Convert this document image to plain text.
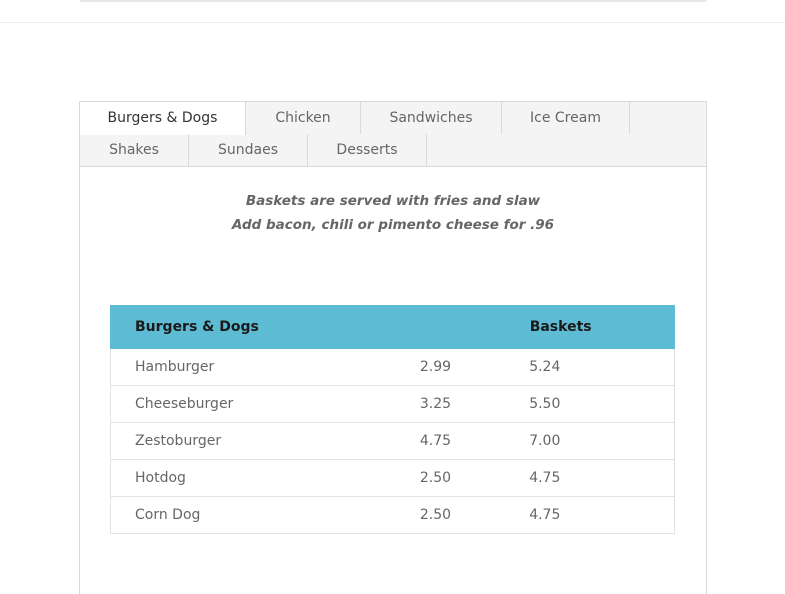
Burgers & Dogs	Chicken	Sandwiches	Ice Cream
Shakes	Sundaes	Desserts
Baskets are served with fries and slaw
Add bacon, chili or pimento cheese for .96
Burgers & Dogs		Baskets
Hamburger	2.99	5.24
Cheeseburger	3.25	5.50
Zestoburger	4.75	7.00
Hotdog	2.50	4.75
Corn Dog	2.50	4.75
